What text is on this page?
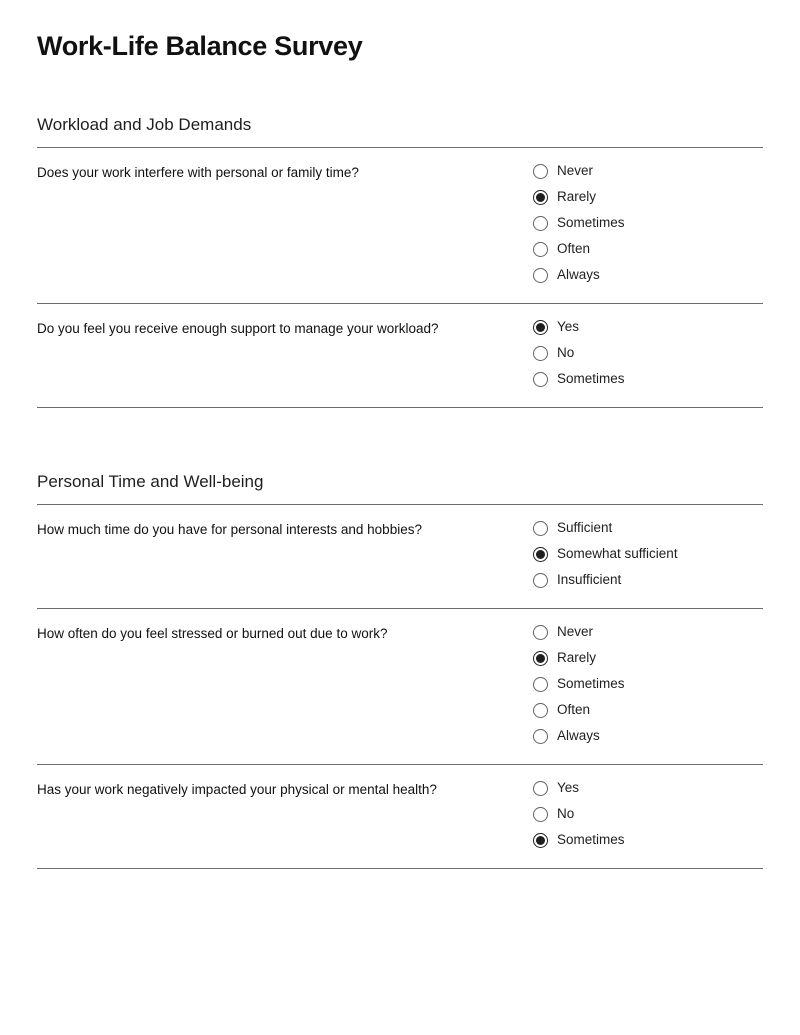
Work-Life Balance Survey
Workload and Job Demands
Does your work interfere with personal or family time?	Never
Rarely
Sometimes
Often
Always
Do you feel you receive enough support to manage your workload?	Yes
No
Sometimes
Personal Time and Well-being
How much time do you have for personal interests and hobbies?	Sufficient
Somewhat sufficient
Insufficient
How often do you feel stressed or burned out due to work?	Never
Rarely
Sometimes
Often
Always
Has your work negatively impacted your physical or mental health?	Yes
No
Sometimes
